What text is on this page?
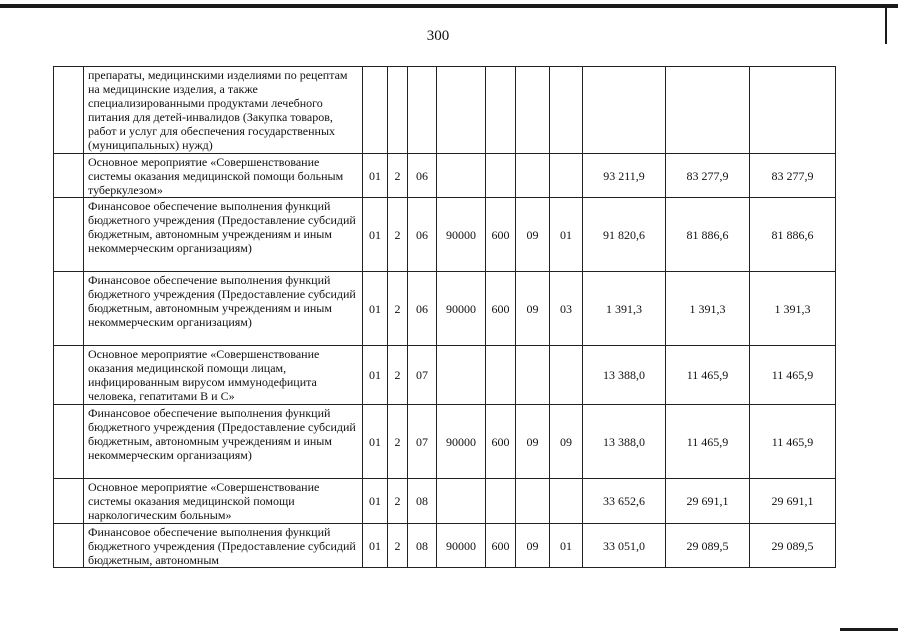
300
	препараты, медицинскими изделиями по рецептам на медицинские изделия, а также специализированными продуктами лечебного питания для детей-инвалидов (Закупка товаров, работ и услуг для обеспечения государственных (муниципальных) нужд)										
	Основное мероприятие «Совершенствование системы оказания медицинской помощи больным туберкулезом»	01	2	06					93 211,9	83 277,9	83 277,9
	Финансовое обеспечение выполнения функций бюджетного учреждения (Предоставление субсидий бюджетным, автономным учреждениям и иным некоммерческим организациям)	01	2	06	90000	600	09	01	91 820,6	81 886,6	81 886,6
	Финансовое обеспечение выполнения функций бюджетного учреждения (Предоставление субсидий бюджетным, автономным учреждениям и иным некоммерческим организациям)	01	2	06	90000	600	09	03	1 391,3	1 391,3	1 391,3
	Основное мероприятие «Совершенствование оказания медицинской помощи лицам, инфицированным вирусом иммунодефицита человека, гепатитами В и С»	01	2	07					13 388,0	11 465,9	11 465,9
	Финансовое обеспечение выполнения функций бюджетного учреждения (Предоставление субсидий бюджетным, автономным учреждениям и иным некоммерческим организациям)	01	2	07	90000	600	09	09	13 388,0	11 465,9	11 465,9
	Основное мероприятие «Совершенствование системы оказания медицинской помощи наркологическим больным»	01	2	08					33 652,6	29 691,1	29 691,1
	Финансовое обеспечение выполнения функций бюджетного учреждения (Предоставление субсидий бюджетным, автономным	01	2	08	90000	600	09	01	33 051,0	29 089,5	29 089,5
